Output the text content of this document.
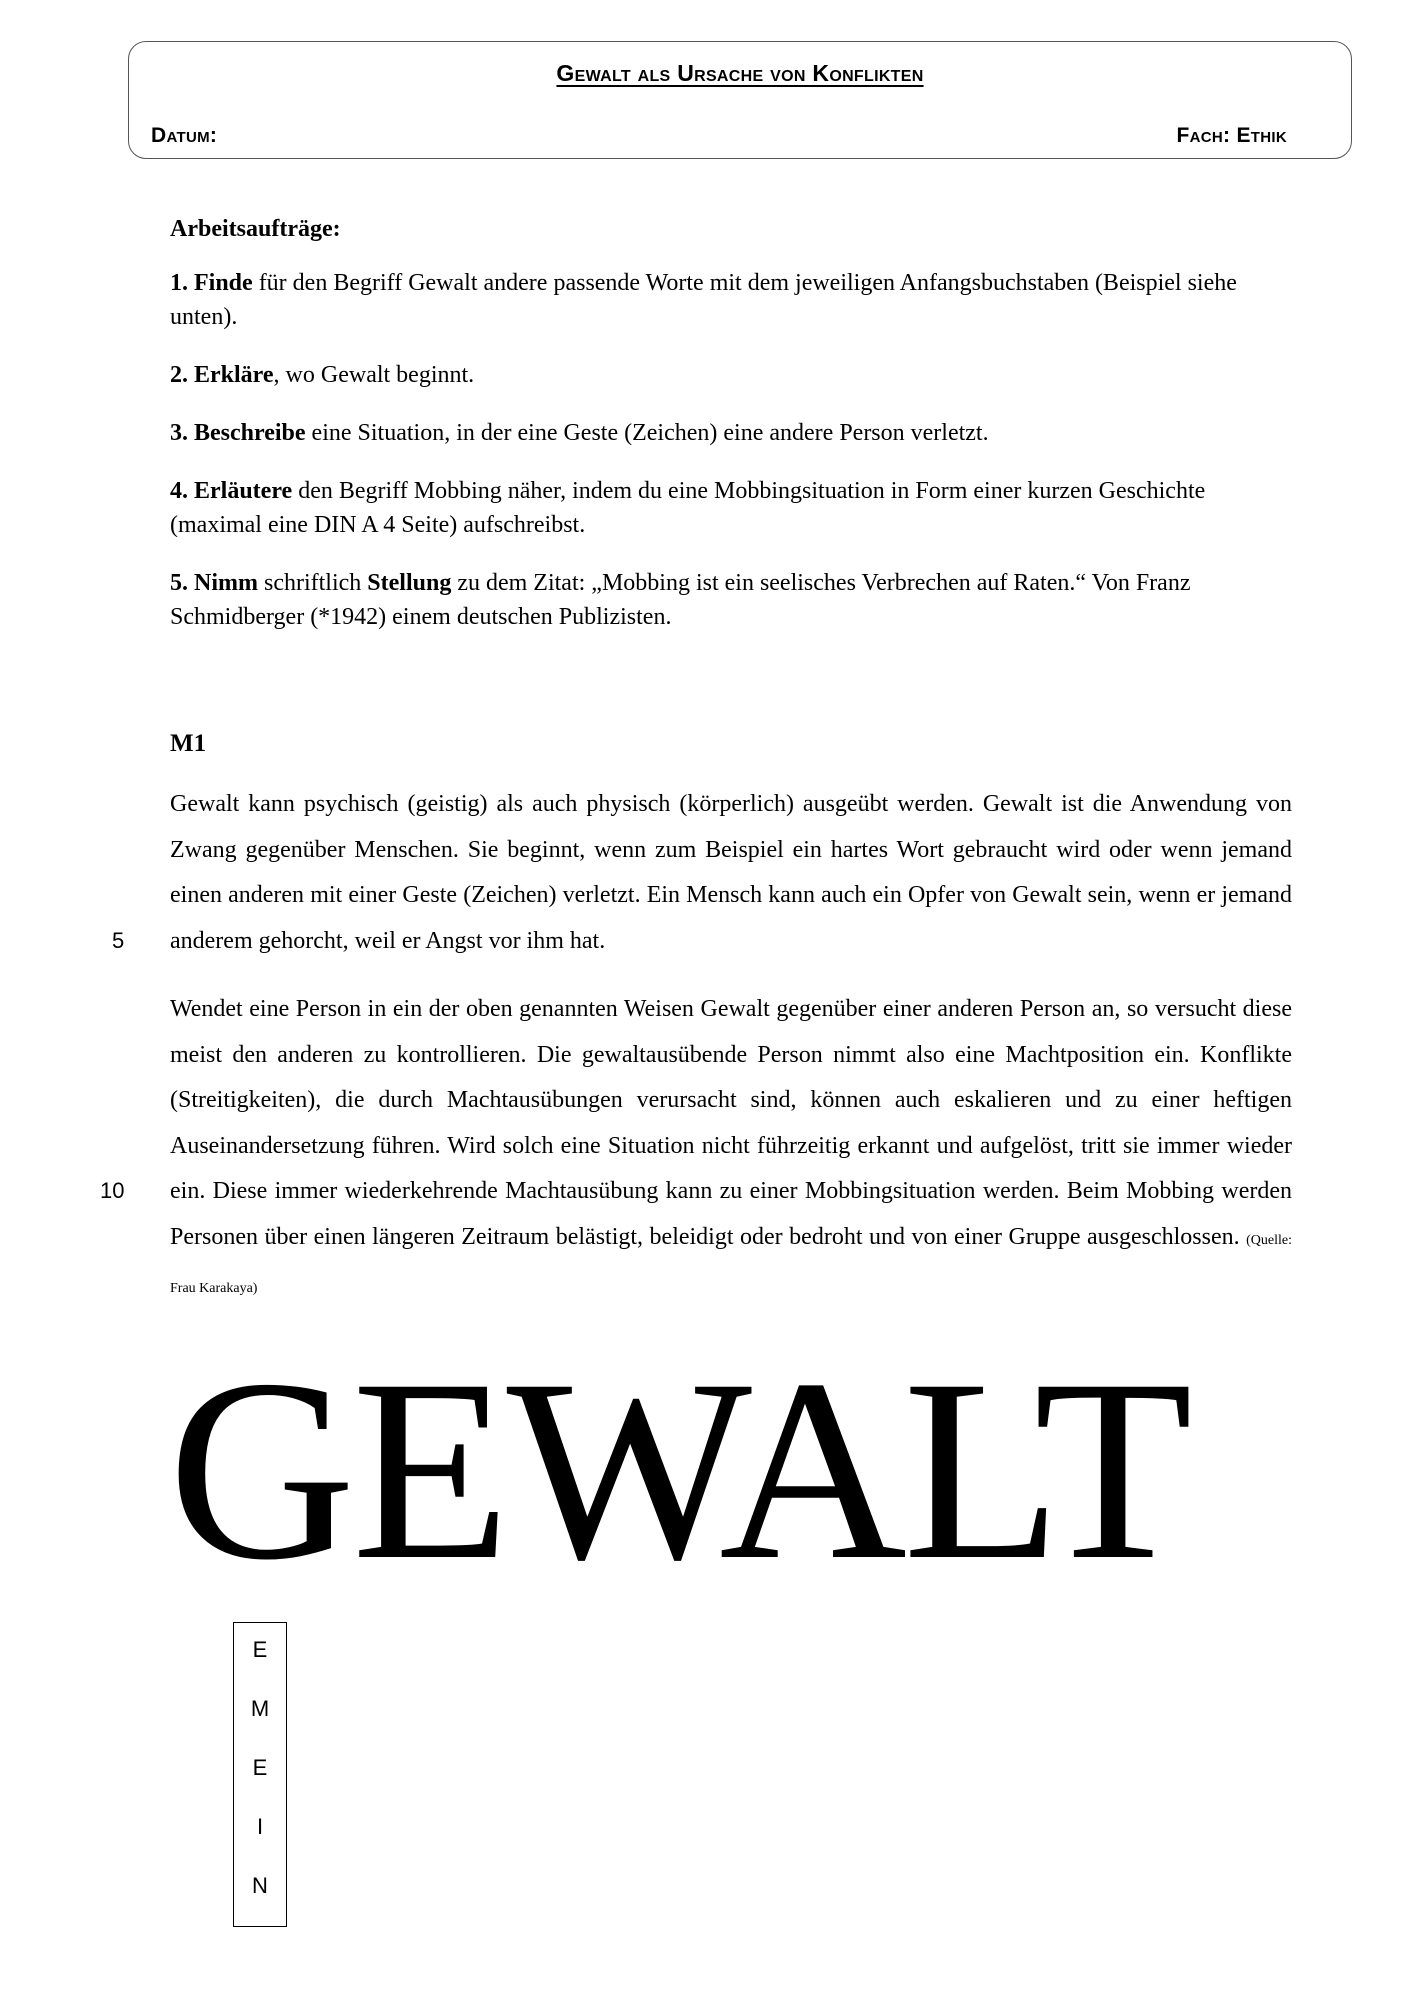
Gewalt als Ursache von Konflikten
Datum:	Fach: Ethik

Arbeitsaufträge:

1. Finde für den Begriff Gewalt andere passende Worte mit dem jeweiligen Anfangsbuchstaben (Beispiel siehe unten).

2. Erkläre, wo Gewalt beginnt.

3. Beschreibe eine Situation, in der eine Geste (Zeichen) eine andere Person verletzt.

4. Erläutere den Begriff Mobbing näher, indem du eine Mobbingsituation in Form einer kurzen Geschichte (maximal eine DIN A 4 Seite) aufschreibst.

5. Nimm schriftlich Stellung zu dem Zitat: „Mobbing ist ein seelisches Verbrechen auf Raten.“ Von Franz Schmidberger (*1942) einem deutschen Publizisten.

M1

Gewalt kann psychisch (geistig) als auch physisch (körperlich) ausgeübt werden. Gewalt ist die Anwendung von Zwang gegenüber Menschen. Sie beginnt, wenn zum Beispiel ein hartes Wort gebraucht wird oder wenn jemand einen anderen mit einer Geste (Zeichen) verletzt. Ein Mensch kann auch ein Opfer von Gewalt sein, wenn er jemand anderem gehorcht, weil er Angst vor ihm hat.

Wendet eine Person in ein der oben genannten Weisen Gewalt gegenüber einer anderen Person an, so versucht diese meist den anderen zu kontrollieren. Die gewaltausübende Person nimmt also eine Machtposition ein. Konflikte (Streitigkeiten), die durch Machtausübungen verursacht sind, können auch eskalieren und zu einer heftigen Auseinandersetzung führen. Wird solch eine Situation nicht führzeitig erkannt und aufgelöst, tritt sie immer wieder ein. Diese immer wiederkehrende Machtausübung kann zu einer Mobbingsituation werden. Beim Mobbing werden Personen über einen längeren Zeitraum belästigt, beleidigt oder bedroht und von einer Gruppe ausgeschlossen. (Quelle: Frau Karakaya)

5
10
GEWALT
E
M
E
I
N
